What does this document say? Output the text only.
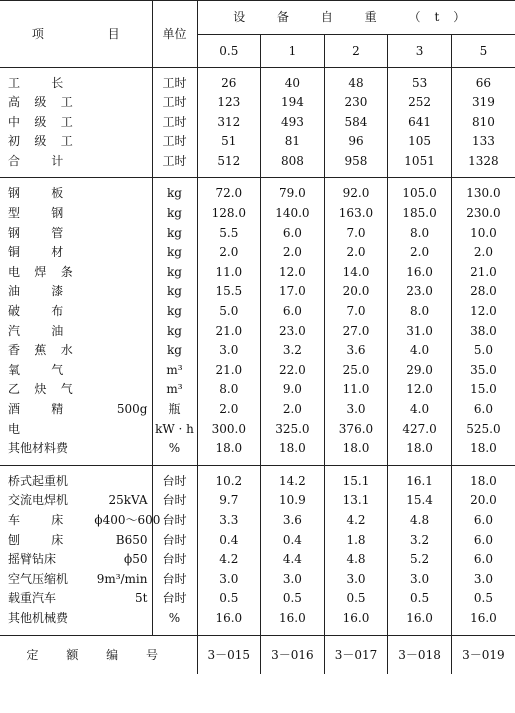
项 目	单位	设 备 自 重 （t）				
		0.5	1	2	3	5

工长	工时	26	40	48	53	66

高级工	工时	123	194	230	252	319

中级工	工时	312	493	584	641	810

初级工	工时	51	81	96	105	133

合计	工时	512	808	958	1051	1328

钢板	kg	72.0	79.0	92.0	105.0	130.0

型钢	kg	128.0	140.0	163.0	185.0	230.0

钢管	kg	5.5	6.0	7.0	8.0	10.0

铜材	kg	2.0	2.0	2.0	2.0	2.0

电焊条	kg	11.0	12.0	14.0	16.0	21.0

油漆	kg	15.5	17.0	20.0	23.0	28.0

破布	kg	5.0	6.0	7.0	8.0	12.0

汽油	kg	21.0	23.0	27.0	31.0	38.0

香蕉水	kg	3.0	3.2	3.6	4.0	5.0

氧气	m³	21.0	22.0	25.0	29.0	35.0

乙炔气	m³	8.0	9.0	11.0	12.0	15.0

酒精 500g	瓶	2.0	2.0	3.0	4.0	6.0

电	kW · h	300.0	325.0	376.0	427.0	525.0

其他材料费	%	18.0	18.0	18.0	18.0	18.0

桥式起重机	台时	10.2	14.2	15.1	16.1	18.0

交流电焊机 25kVA	台时	9.7	10.9	13.1	15.4	20.0

车床 ϕ400～600	台时	3.3	3.6	4.2	4.8	6.0

刨床 B650	台时	0.4	0.4	1.8	3.2	6.0

摇臂钻床 ϕ50	台时	4.2	4.4	4.8	5.2	6.0

空气压缩机 9m³/min	台时	3.0	3.0	3.0	3.0	3.0

载重汽车 5t	台时	0.5	0.5	0.5	0.5	0.5

其他机械费	%	16.0	16.0	16.0	16.0	16.0

定 额 编 号		3－015	3－016	3－017	3－018	3－019
